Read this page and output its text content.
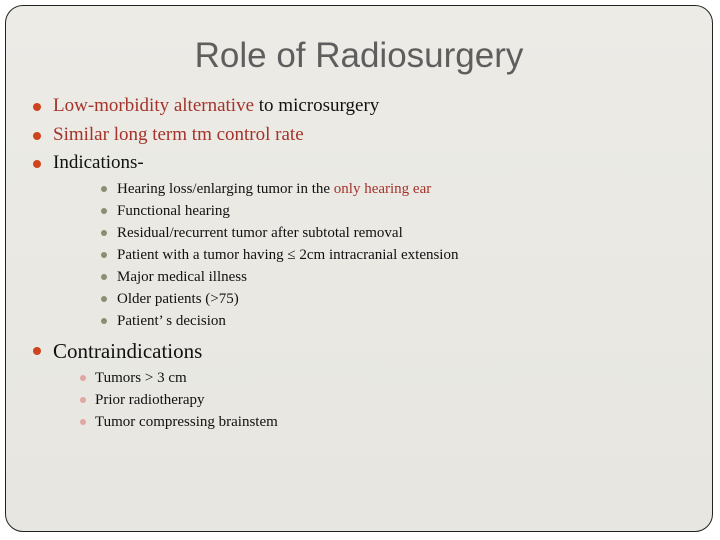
Role of Radiosurgery
Low-morbidity alternative to microsurgery
Similar long term tm control rate
Indications-
Hearing loss/enlarging tumor in the only hearing ear
Functional hearing
Residual/recurrent tumor after subtotal removal
Patient with a tumor having ≤ 2cm intracranial extension
Major medical illness
Older patients (>75)
Patient’ s decision
Contraindications
Tumors > 3 cm
Prior radiotherapy
Tumor compressing brainstem
